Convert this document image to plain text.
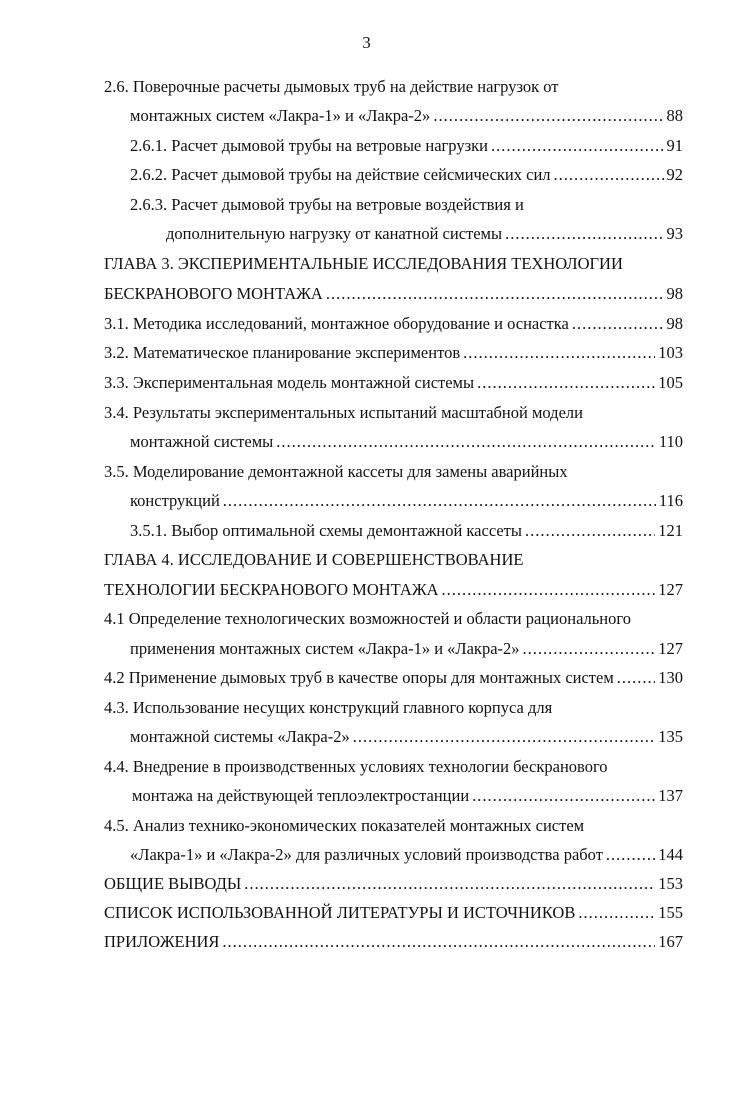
3
2.6. Поверочные расчеты дымовых труб на действие нагрузок от
монтажных систем «Лакра-1» и «Лакра-2» .....	88
2.6.1. Расчет дымовой трубы на ветровые нагрузки .....	91
2.6.2. Расчет дымовой трубы на действие сейсмических сил .....	92
2.6.3. Расчет дымовой трубы на ветровые воздействия и
дополнительную нагрузку от канатной системы .....	93
ГЛАВА 3. ЭКСПЕРИМЕНТАЛЬНЫЕ ИССЛЕДОВАНИЯ ТЕХНОЛОГИИ
БЕСКРАНОВОГО МОНТАЖА .....	98
3.1. Методика исследований, монтажное оборудование и оснастка .....	98
3.2. Математическое планирование экспериментов .....	103
3.3. Экспериментальная модель монтажной системы .....	105
3.4. Результаты экспериментальных испытаний масштабной модели
монтажной системы .....	110
3.5. Моделирование демонтажной кассеты для замены аварийных
конструкций .....	116
3.5.1. Выбор оптимальной схемы демонтажной кассеты .....	121
ГЛАВА 4. ИССЛЕДОВАНИЕ И СОВЕРШЕНСТВОВАНИЕ
ТЕХНОЛОГИИ БЕСКРАНОВОГО МОНТАЖА .....	127
4.1 Определение технологических возможностей и области рационального
применения монтажных систем «Лакра-1» и «Лакра-2» .....	127
4.2 Применение дымовых труб в качестве опоры для монтажных систем .....	130
4.3. Использование несущих конструкций главного корпуса для
монтажной системы «Лакра-2» .....	135
4.4. Внедрение в производственных условиях технологии бескранового
монтажа на действующей теплоэлектростанции .....	137
4.5. Анализ технико-экономических показателей монтажных систем
«Лакра-1» и «Лакра-2» для различных условий производства работ .....	144
ОБЩИЕ ВЫВОДЫ .....	153
СПИСОК ИСПОЛЬЗОВАННОЙ ЛИТЕРАТУРЫ И ИСТОЧНИКОВ .....	155
ПРИЛОЖЕНИЯ .....	167
